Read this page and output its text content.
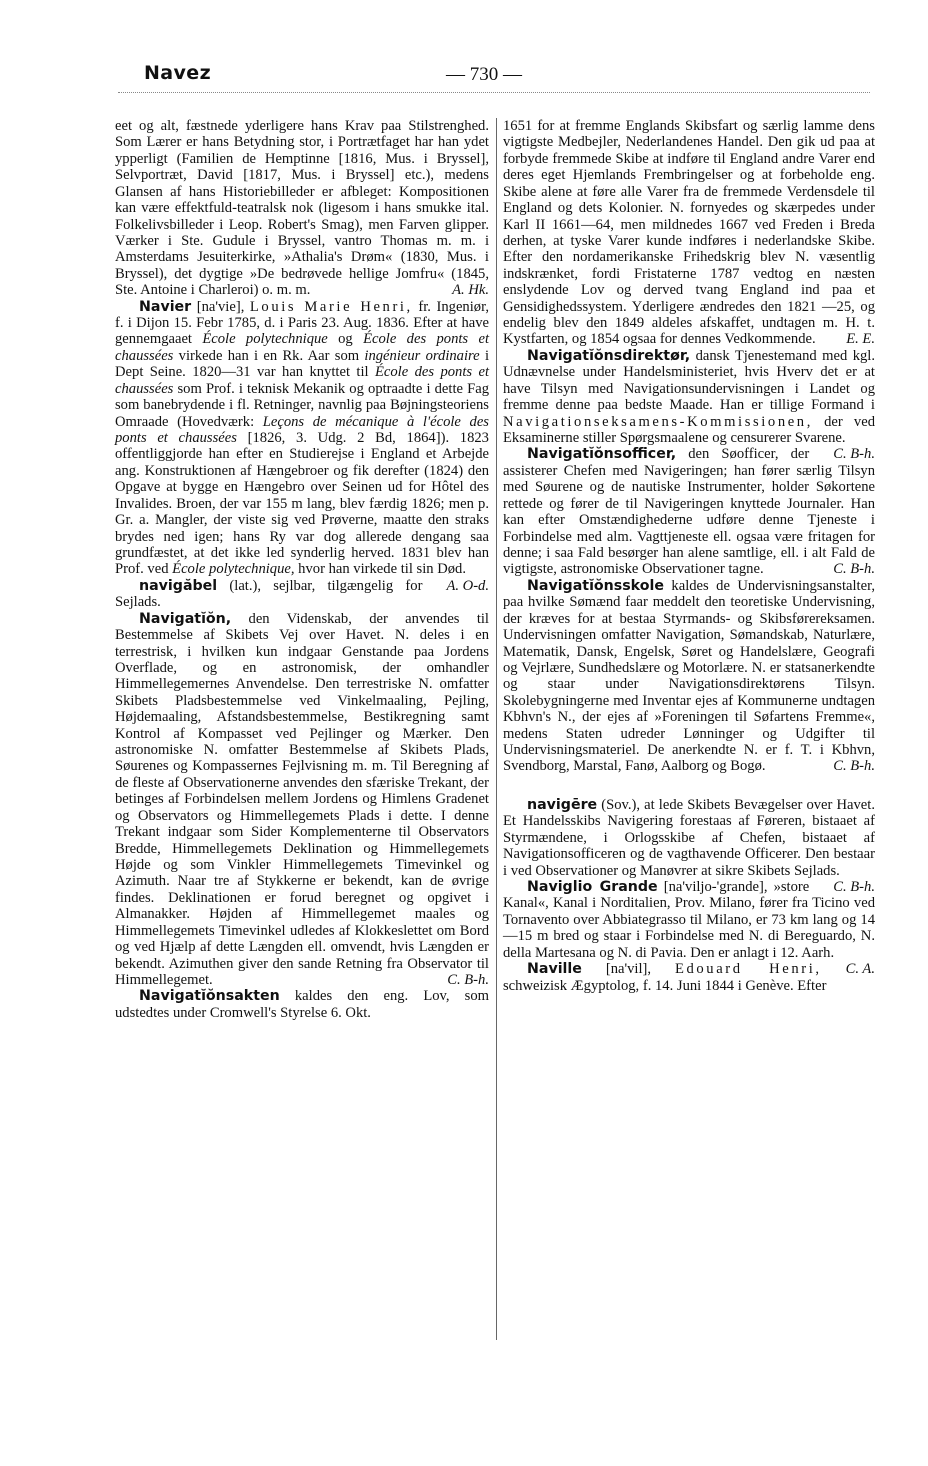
Navez	— 730 —

eet og alt, fæstnede yderligere hans Krav paa Stilstrenghed. Som Lærer er hans Betydning stor, i Portrætfaget har han ydet ypperligt (Familien de Hemptinne [1816, Mus. i Bryssel], Selvportræt, David [1817, Mus. i Bryssel] etc.), medens Glansen af hans Historiebilleder er afbleget: Kompositionen kan være effektfuld-teatralsk nok (ligesom i hans smukke ital. Folkelivsbilleder i Leop. Robert's Smag), men Farven glipper. Værker i Ste. Gudule i Bryssel, vantro Thomas m. m. i Amsterdams Jesuiterkirke, »Athalia's Drøm« (1830, Mus. i Bryssel), det dygtige »De bedrøvede hellige Jomfru« (1845, Ste. Antoine i Charleroi) o. m. m.	A. Hk.

Navier [na'vie], Louis Marie Henri, fr. Ingeniør, f. i Dijon 15. Febr 1785, d. i Paris 23. Aug. 1836. Efter at have gennemgaaet École polytechnique og École des ponts et chaussées virkede han i en Rk. Aar som ingénieur ordinaire i Dept Seine. 1820—31 var han knyttet til École des ponts et chaussées som Prof. i teknisk Mekanik og optraadte i dette Fag som banebrydende i fl. Retninger, navnlig paa Bøjningsteoriens Omraade (Hovedværk: Leçons de mécanique à l'école des ponts et chaussées [1826, 3. Udg. 2 Bd, 1864]). 1823 offentliggjorde han efter en Studierejse i England et Arbejde ang. Konstruktionen af Hængebroer og fik derefter (1824) den Opgave at bygge en Hængebro over Seinen ud for Hôtel des Invalides. Broen, der var 155 m lang, blev færdig 1826; men p. Gr. a. Mangler, der viste sig ved Prøverne, maatte den straks brydes ned igen; hans Ry var dog allerede dengang saa grundfæstet, at det ikke led synderlig herved. 1831 blev han Prof. ved École polytechnique, hvor han virkede til sin Død.
A. O-d.

navigăbel (lat.), sejlbar, tilgængelig for Sejlads.

Navigatĭŏn, den Videnskab, der anvendes til Bestemmelse af Skibets Vej over Havet. N. deles i en terrestrisk, i hvilken kun indgaar Genstande paa Jordens Overflade, og en astronomisk, der omhandler Himmellegemernes Anvendelse. Den terrestriske N. omfatter Skibets Pladsbestemmelse ved Vinkelmaaling, Pejling, Højdemaaling, Afstandsbestemmelse, Bestikregning samt Kontrol af Kompasset ved Pejlinger og Mærker. Den astronomiske N. omfatter Bestemmelse af Skibets Plads, Søurenes og Kompassernes Fejlvisning m. m. Til Beregning af de fleste af Observationerne anvendes den sfæriske Trekant, der betinges af Forbindelsen mellem Jordens og Himlens Gradenet og Observators og Himmellegemets Plads i dette. I denne Trekant indgaar som Sider Komplementerne til Observators Bredde, Himmellegemets Deklination og Himmellegemets Højde og som Vinkler Himmellegemets Timevinkel og Azimuth. Naar tre af Stykkerne er bekendt, kan de øvrige findes. Deklinationen er forud beregnet og opgivet i Almanakker. Højden af Himmellegemet maales og Himmellegemets Timevinkel udledes af Klokkeslettet om Bord og ved Hjælp af dette Længden ell. omvendt, hvis Længden er bekendt. Azimuthen giver den sande Retning fra Observator til Himmellegemet.	C. B-h.

Navigatĭŏnsakten kaldes den eng. Lov, som udstedtes under Cromwell's Styrelse 6. Okt.

1651 for at fremme Englands Skibsfart og særlig lamme dens vigtigste Medbejler, Nederlandenes Handel. Den gik ud paa at forbyde fremmede Skibe at indføre til England andre Varer end deres eget Hjemlands Frembringelser og at forbeholde eng. Skibe alene at føre alle Varer fra de fremmede Verdensdele til England og dets Kolonier. N. fornyedes og skærpedes under Karl II 1661—64, men mildnedes 1667 ved Freden i Breda derhen, at tyske Varer kunde indføres i nederlandske Skibe. Efter den nordamerikanske Frihedskrig blev N. væsentlig indskrænket, fordi Fristaterne 1787 vedtog en næsten enslydende Lov og derved tvang England ind paa et Gensidighedssystem. Yderligere ændredes den 1821 —25, og endelig blev den 1849 aldeles afskaffet, undtagen m. H. t. Kystfarten, og 1854 ogsaa for dennes Vedkommende. E. E.

Navigatĭŏnsdirektør, dansk Tjenestemand med kgl. Udnævnelse under Handelsministeriet, hvis Hverv det er at have Tilsyn med Navigationsundervisningen i Landet og fremme denne paa bedste Maade. Han er tillige Formand i Navigationseksamens-Kommissionen, der ved Eksaminerne stiller Spørgsmaalene og censurerer Svarene.
C. B-h.

Navigatĭŏnsofficer, den Søofficer, der assisterer Chefen med Navigeringen; han fører særlig Tilsyn med Søurene og de nautiske Instrumenter, holder Søkortene rettede og fører de til Navigeringen knyttede Journaler. Han kan efter Omstændighederne udføre denne Tjeneste i Forbindelse med alm. Vagttjeneste ell. ogsaa være fritagen for denne; i saa Fald besørger han alene samtlige, ell. i alt Fald de vigtigste, astronomiske Observationer tagne.	C. B-h.

Navigatĭŏnsskole kaldes de Undervisningsanstalter, paa hvilke Sømænd faar meddelt den teoretiske Undervisning, der kræves for at bestaa Styrmands- og Skibsførereksamen. Undervisningen omfatter Navigation, Sømandskab, Naturlære, Matematik, Dansk, Engelsk, Søret og Handelslære, Geografi og Vejrlære, Sundhedslære og Motorlære. N. er statsanerkendte og staar under Navigationsdirektørens Tilsyn. Skolebygningerne med Inventar ejes af Kommunerne undtagen Kbhvn's N., der ejes af »Foreningen til Søfartens Fremme«, medens Staten udreder Lønninger og Udgifter til Undervisningsmateriel. De anerkendte N. er f. T. i Kbhvn, Svendborg, Marstal, Fanø, Aalborg og Bogø.	C. B-h.

navigēre (Sov.), at lede Skibets Bevægelser over Havet. Et Handelsskibs Navigering forestaas af Føreren, bistaaet af Styrmændene, i Orlogsskibe af Chefen, bistaaet af Navigationsofficeren og de vagthavende Officerer. Den bestaar i ved Observationer og Manøvrer at sikre Skibets Sejlads.
C. B-h.

Naviglio Grande [na'viljo-'grande], »store Kanal«, Kanal i Norditalien, Prov. Milano, fører fra Ticino ved Tornavento over Abbiategrasso til Milano, er 73 km lang og 14—15 m bred og staar i Forbindelse med N. di Bereguardo, N. della Martesana og N. di Pavia. Den er anlagt i 12. Aarh.
C. A.

Naville [na'vil], Edouard Henri, schweizisk Ægyptolog, f. 14. Juni 1844 i Genève. Efter
